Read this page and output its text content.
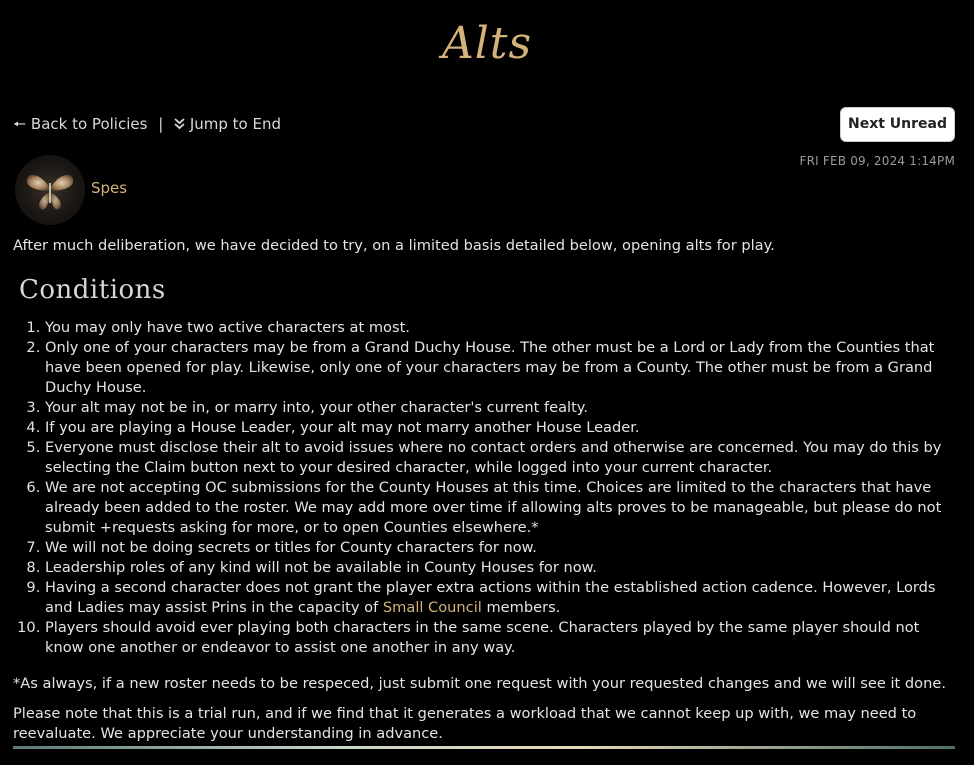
Alts
🠔 Back to Policies | Jump to End	Next Unread
FRI FEB 09, 2024 1:14PM
Spes

After much deliberation, we have decided to try, on a limited basis detailed below, opening alts for play.

Conditions
1. You may only have two active characters at most.
2. Only one of your characters may be from a Grand Duchy House. The other must be a Lord or Lady from the Counties that have been opened for play. Likewise, only one of your characters may be from a County. The other must be from a Grand Duchy House.
3. Your alt may not be in, or marry into, your other character's current fealty.
4. If you are playing a House Leader, your alt may not marry another House Leader.
5. Everyone must disclose their alt to avoid issues where no contact orders and otherwise are concerned. You may do this by selecting the Claim button next to your desired character, while logged into your current character.
6. We are not accepting OC submissions for the County Houses at this time. Choices are limited to the characters that have already been added to the roster. We may add more over time if allowing alts proves to be manageable, but please do not submit +requests asking for more, or to open Counties elsewhere.*
7. We will not be doing secrets or titles for County characters for now.
8. Leadership roles of any kind will not be available in County Houses for now.
9. Having a second character does not grant the player extra actions within the established action cadence. However, Lords and Ladies may assist Prins in the capacity of Small Council members.
10. Players should avoid ever playing both characters in the same scene. Characters played by the same player should not know one another or endeavor to assist one another in any way.

*As always, if a new roster needs to be respeced, just submit one request with your requested changes and we will see it done.

Please note that this is a trial run, and if we find that it generates a workload that we cannot keep up with, we may need to reevaluate. We appreciate your understanding in advance.
